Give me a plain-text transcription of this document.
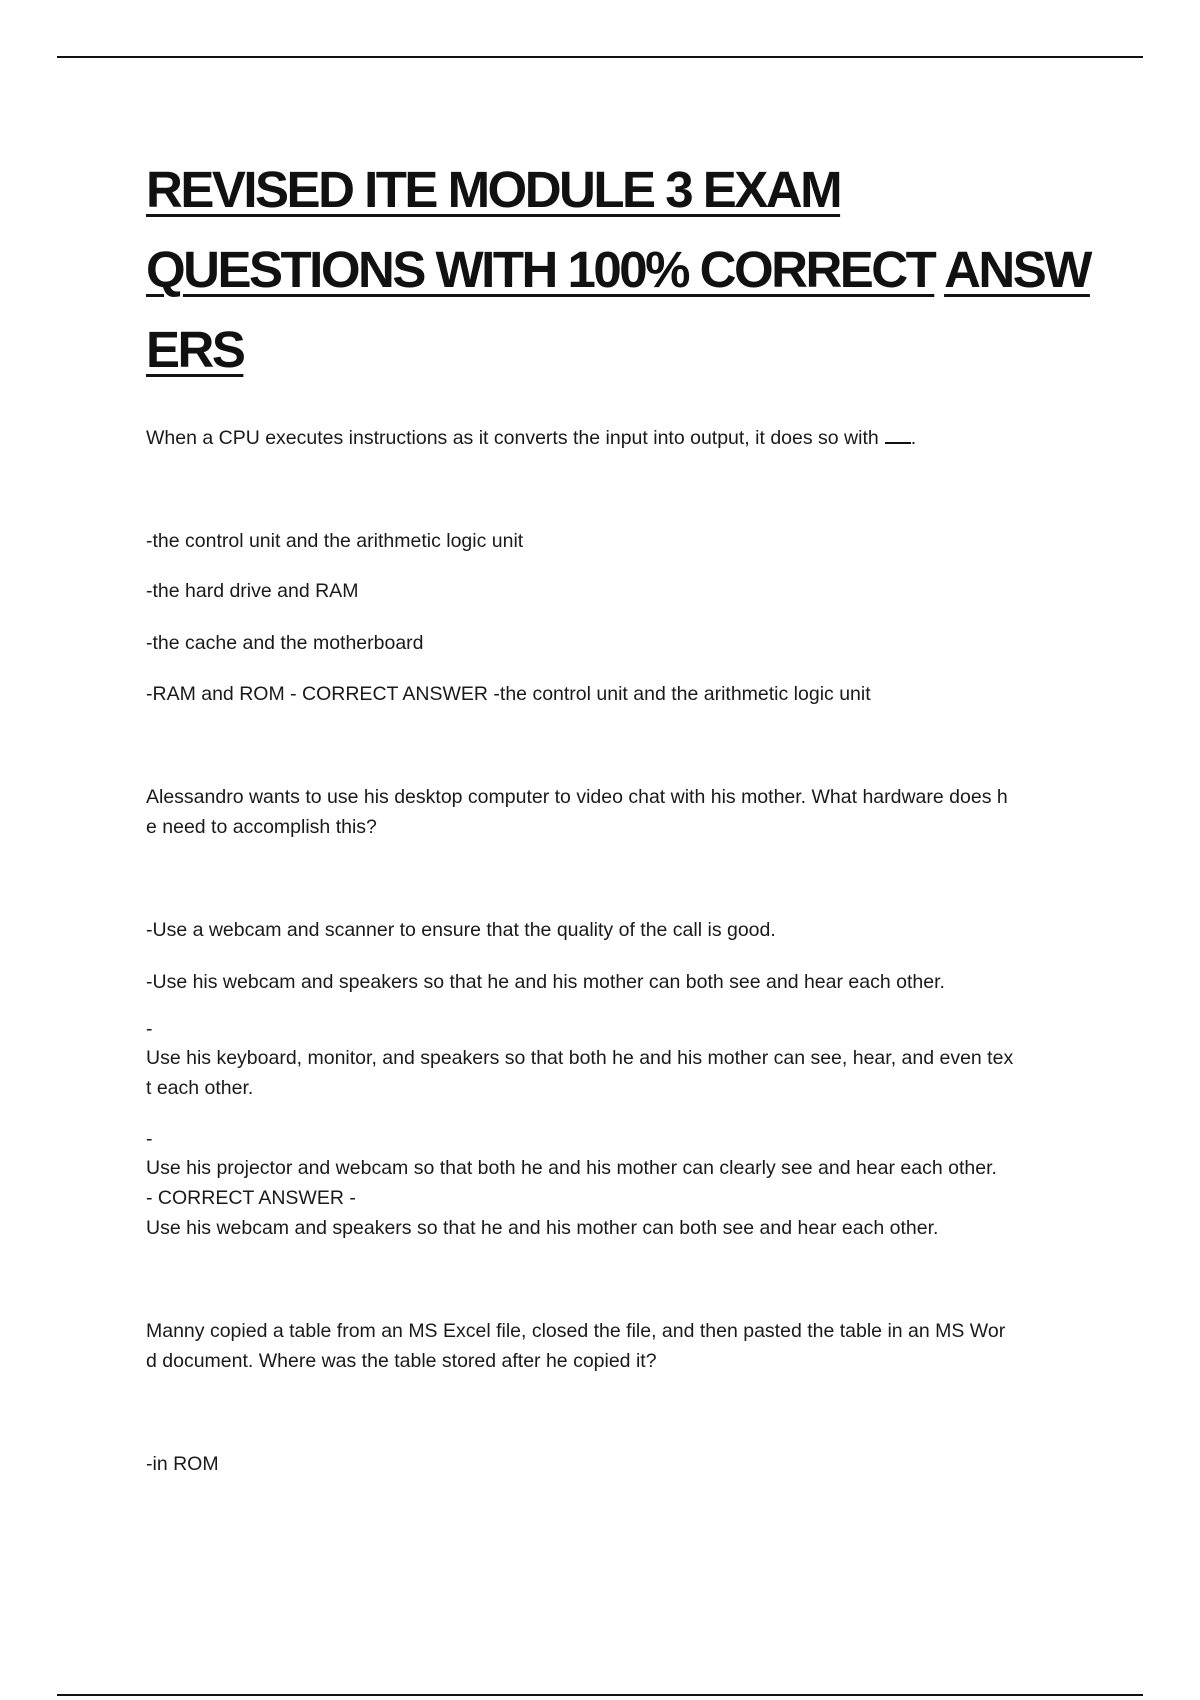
REVISED ITE MODULE 3 EXAM
QUESTIONS WITH 100% CORRECT ANSW
ERS

When a CPU executes instructions as it converts the input into output, it does so with .

-the control unit and the arithmetic logic unit

-the hard drive and RAM

-the cache and the motherboard

-RAM and ROM - CORRECT ANSWER -the control unit and the arithmetic logic unit

Alessandro wants to use his desktop computer to video chat with his mother. What hardware does h
e need to accomplish this?

-Use a webcam and scanner to ensure that the quality of the call is good.

-Use his webcam and speakers so that he and his mother can both see and hear each other.

-

Use his keyboard, monitor, and speakers so that both he and his mother can see, hear, and even tex
t each other.

-

Use his projector and webcam so that both he and his mother can clearly see and hear each other.
- CORRECT ANSWER -
Use his webcam and speakers so that he and his mother can both see and hear each other.

Manny copied a table from an MS Excel file, closed the file, and then pasted the table in an MS Wor
d document. Where was the table stored after he copied it?

-in ROM
